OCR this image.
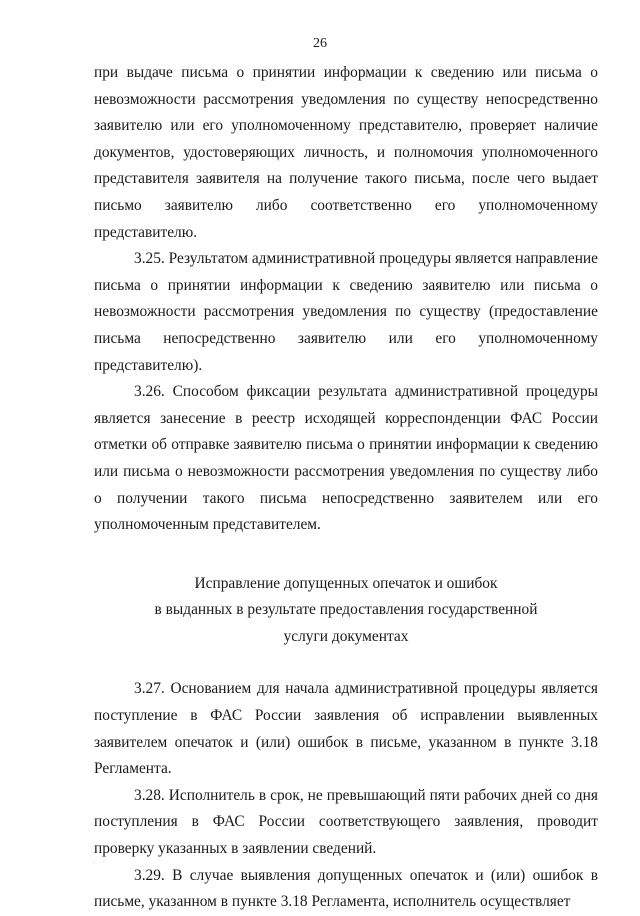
26

при выдаче письма о принятии информации к сведению или письма о невозможности рассмотрения уведомления по существу непосредственно заявителю или его уполномоченному представителю, проверяет наличие документов, удостоверяющих личность, и полномочия уполномоченного представителя заявителя на получение такого письма, после чего выдает письмо заявителю либо соответственно его уполномоченному представителю.

3.25. Результатом административной процедуры является направление письма о принятии информации к сведению заявителю или письма о невозможности рассмотрения уведомления по существу (предоставление письма непосредственно заявителю или его уполномоченному представителю).

3.26. Способом фиксации результата административной процедуры является занесение в реестр исходящей корреспонденции ФАС России отметки об отправке заявителю письма о принятии информации к сведению или письма о невозможности рассмотрения уведомления по существу либо о получении такого письма непосредственно заявителем или его уполномоченным представителем.

Исправление допущенных опечаток и ошибок
в выданных в результате предоставления государственной
услуги документах

3.27. Основанием для начала административной процедуры является поступление в ФАС России заявления об исправлении выявленных заявителем опечаток и (или) ошибок в письме, указанном в пункте 3.18 Регламента.

3.28. Исполнитель в срок, не превышающий пяти рабочих дней со дня поступления в ФАС России соответствующего заявления, проводит проверку указанных в заявлении сведений.

3.29. В случае выявления допущенных опечаток и (или) ошибок в письме, указанном в пункте 3.18 Регламента, исполнитель осуществляет

· ·
